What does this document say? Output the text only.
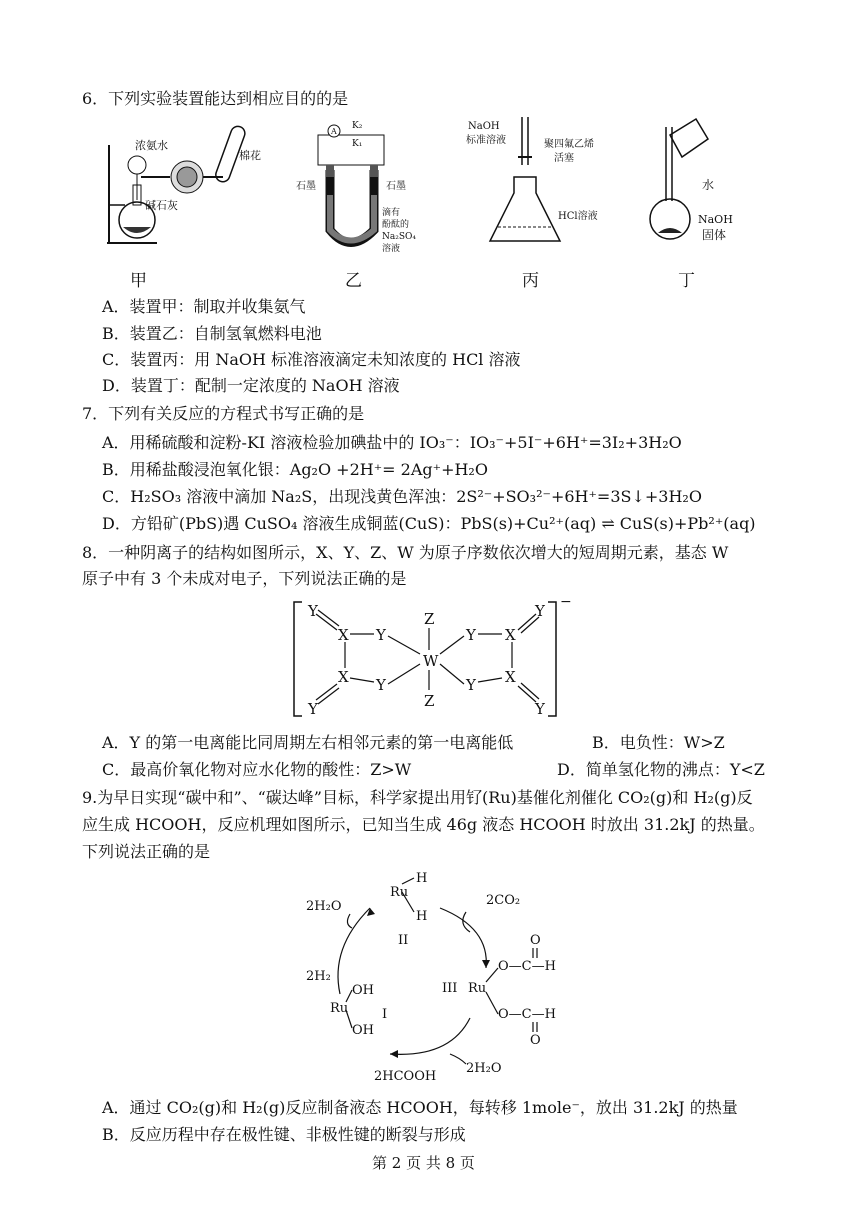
6．下列实验装置能达到相应目的的是
浓氨水
棉花
碱石灰
甲
A
K₂
K₁
石墨	石墨
滴有
酚酞的
Na₂SO₄
溶液
乙
NaOH
标准溶液	聚四氟乙烯
活塞
HCl溶液
丙
水
NaOH
固体
丁
A．装置甲：制取并收集氨气
B．装置乙：自制氢氧燃料电池
C．装置丙：用 NaOH 标准溶液滴定未知浓度的 HCl 溶液
D．装置丁：配制一定浓度的 NaOH 溶液
7．下列有关反应的方程式书写正确的是
A．用稀硫酸和淀粉-KI 溶液检验加碘盐中的 IO₃⁻：IO₃⁻+5I⁻+6H⁺=3I₂+3H₂O
B．用稀盐酸浸泡氧化银：Ag₂O +2H⁺= 2Ag⁺+H₂O
C．H₂SO₃ 溶液中滴加 Na₂S，出现浅黄色浑浊：2S²⁻+SO₃²⁻+6H⁺=3S↓+3H₂O
D．方铅矿(PbS)遇 CuSO₄ 溶液生成铜蓝(CuS)：PbS(s)+Cu²⁺(aq) ⇌ CuS(s)+Pb²⁺(aq)
8．一种阴离子的结构如图所示，X、Y、Z、W 为原子序数依次增大的短周期元素，基态 W
原子中有 3 个未成对电子，下列说法正确的是
−
Y
X Y
Z
W
Z
Y X
Y
X Y
Y
Y X
Y
A．Y 的第一电离能比同周期左右相邻元素的第一电离能低	B．电负性：W>Z
C．最高价氧化物对应水化物的酸性：Z>W	D．简单氢化物的沸点：Y<Z
9.为早日实现“碳中和”、“碳达峰”目标，科学家提出用钌(Ru)基催化剂催化 CO₂(g)和 H₂(g)反
应生成 HCOOH，反应机理如图所示，已知当生成 46g 液态 HCOOH 时放出 31.2kJ 的热量。
下列说法正确的是
Ru
H
H
II
2CO₂
2H₂O
2H₂
III Ru
O
O—C—H
O—C—H
O
Ru
OH
OH
I
2HCOOH
2H₂O
A．通过 CO₂(g)和 H₂(g)反应制备液态 HCOOH，每转移 1mole⁻，放出 31.2kJ 的热量
B．反应历程中存在极性键、非极性键的断裂与形成
第 2 页 共 8 页
